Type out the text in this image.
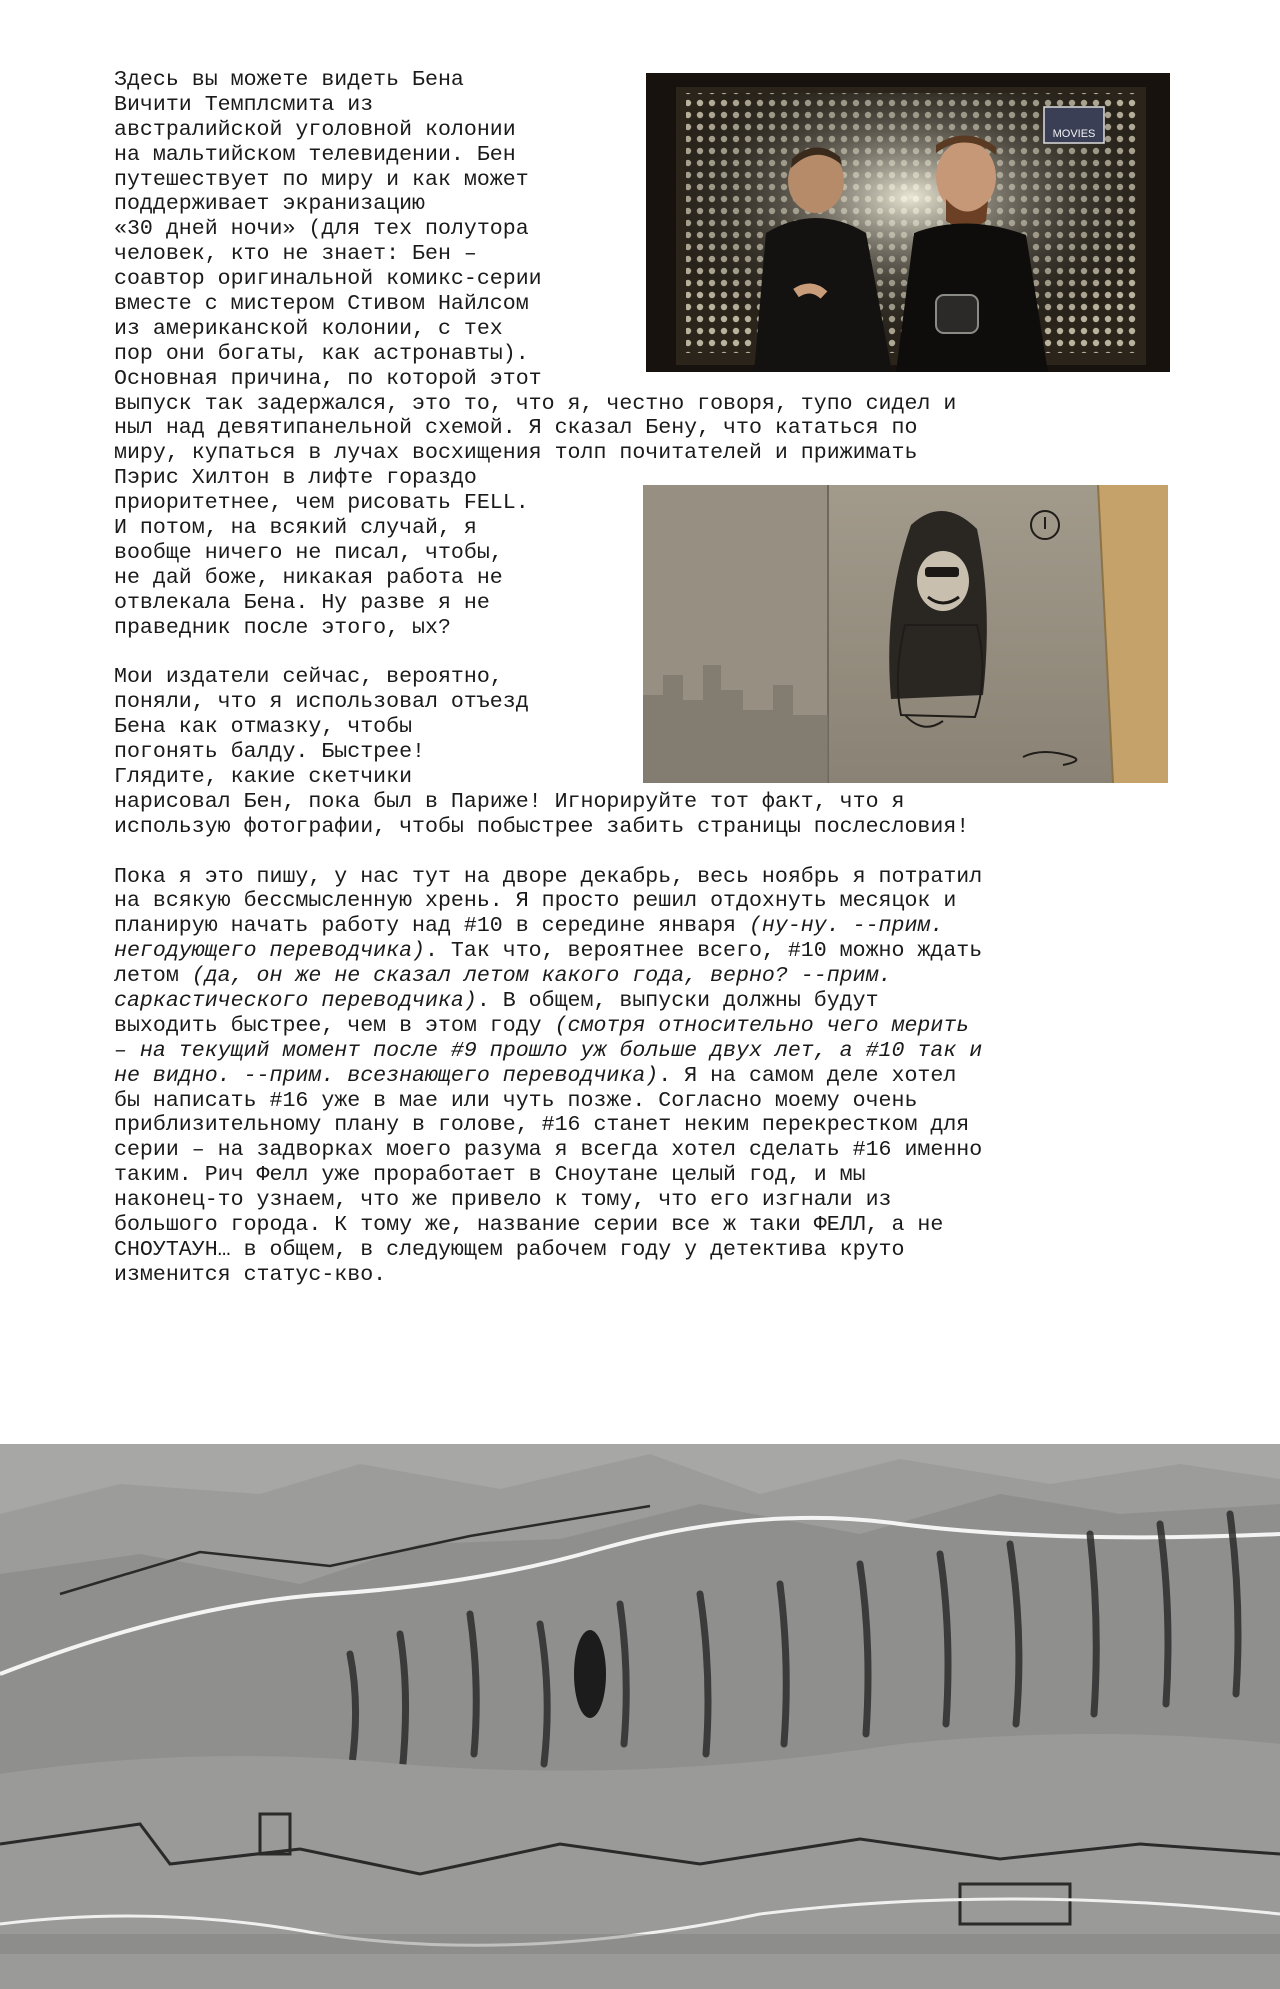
MOVIES
Здесь вы можете видеть Бена
Вичити Темплсмита из
австралийской уголовной колонии
на мальтийском телевидении. Бен
путешествует по миру и как может
поддерживает экранизацию
«30 дней ночи» (для тех полутора
человек, кто не знает: Бен –
соавтор оригинальной комикс-серии
вместе с мистером Стивом Найлсом
из американской колонии, с тех
пор они богаты, как астронавты).
Основная причина, по которой этот
выпуск так задержался, это то, что я, честно говоря, тупо сидел и
ныл над девятипанельной схемой. Я сказал Бену, что кататься по
миру, купаться в лучах восхищения толп почитателей и прижимать
Пэрис Хилтон в лифте гораздо
приоритетнее, чем рисовать FELL.
И потом, на всякий случай, я
вообще ничего не писал, чтобы,
не дай боже, никакая работа не
отвлекала Бена. Ну разве я не
праведник после этого, ых?
Мои издатели сейчас, вероятно,
поняли, что я использовал отъезд
Бена как отмазку, чтобы
погонять балду. Быстрее!
Глядите, какие скетчики
нарисовал Бен, пока был в Париже! Игнорируйте тот факт, что я
использую фотографии, чтобы побыстрее забить страницы послесловия!
Пока я это пишу, у нас тут на дворе декабрь, весь ноябрь я потратил
на всякую бессмысленную хрень. Я просто решил отдохнуть месяцок и
планирую начать работу над #10 в середине января (ну-ну. --прим.
негодующего переводчика). Так что, вероятнее всего, #10 можно ждать
летом (да, он же не сказал летом какого года, верно? --прим.
саркастического переводчика). В общем, выпуски должны будут
выходить быстрее, чем в этом году (смотря относительно чего мерить
– на текущий момент после #9 прошло уж больше двух лет, а #10 так и
не видно. --прим. всезнающего переводчика). Я на самом деле хотел
бы написать #16 уже в мае или чуть позже. Согласно моему очень
приблизительному плану в голове, #16 станет неким перекрестком для
серии – на задворках моего разума я всегда хотел сделать #16 именно
таким. Рич Фелл уже проработает в Сноутане целый год, и мы
наконец-то узнаем, что же привело к тому, что его изгнали из
большого города. К тому же, название серии все ж таки ФЕЛЛ, а не
СНОУТАУН… в общем, в следующем рабочем году у детектива круто
изменится статус-кво.
